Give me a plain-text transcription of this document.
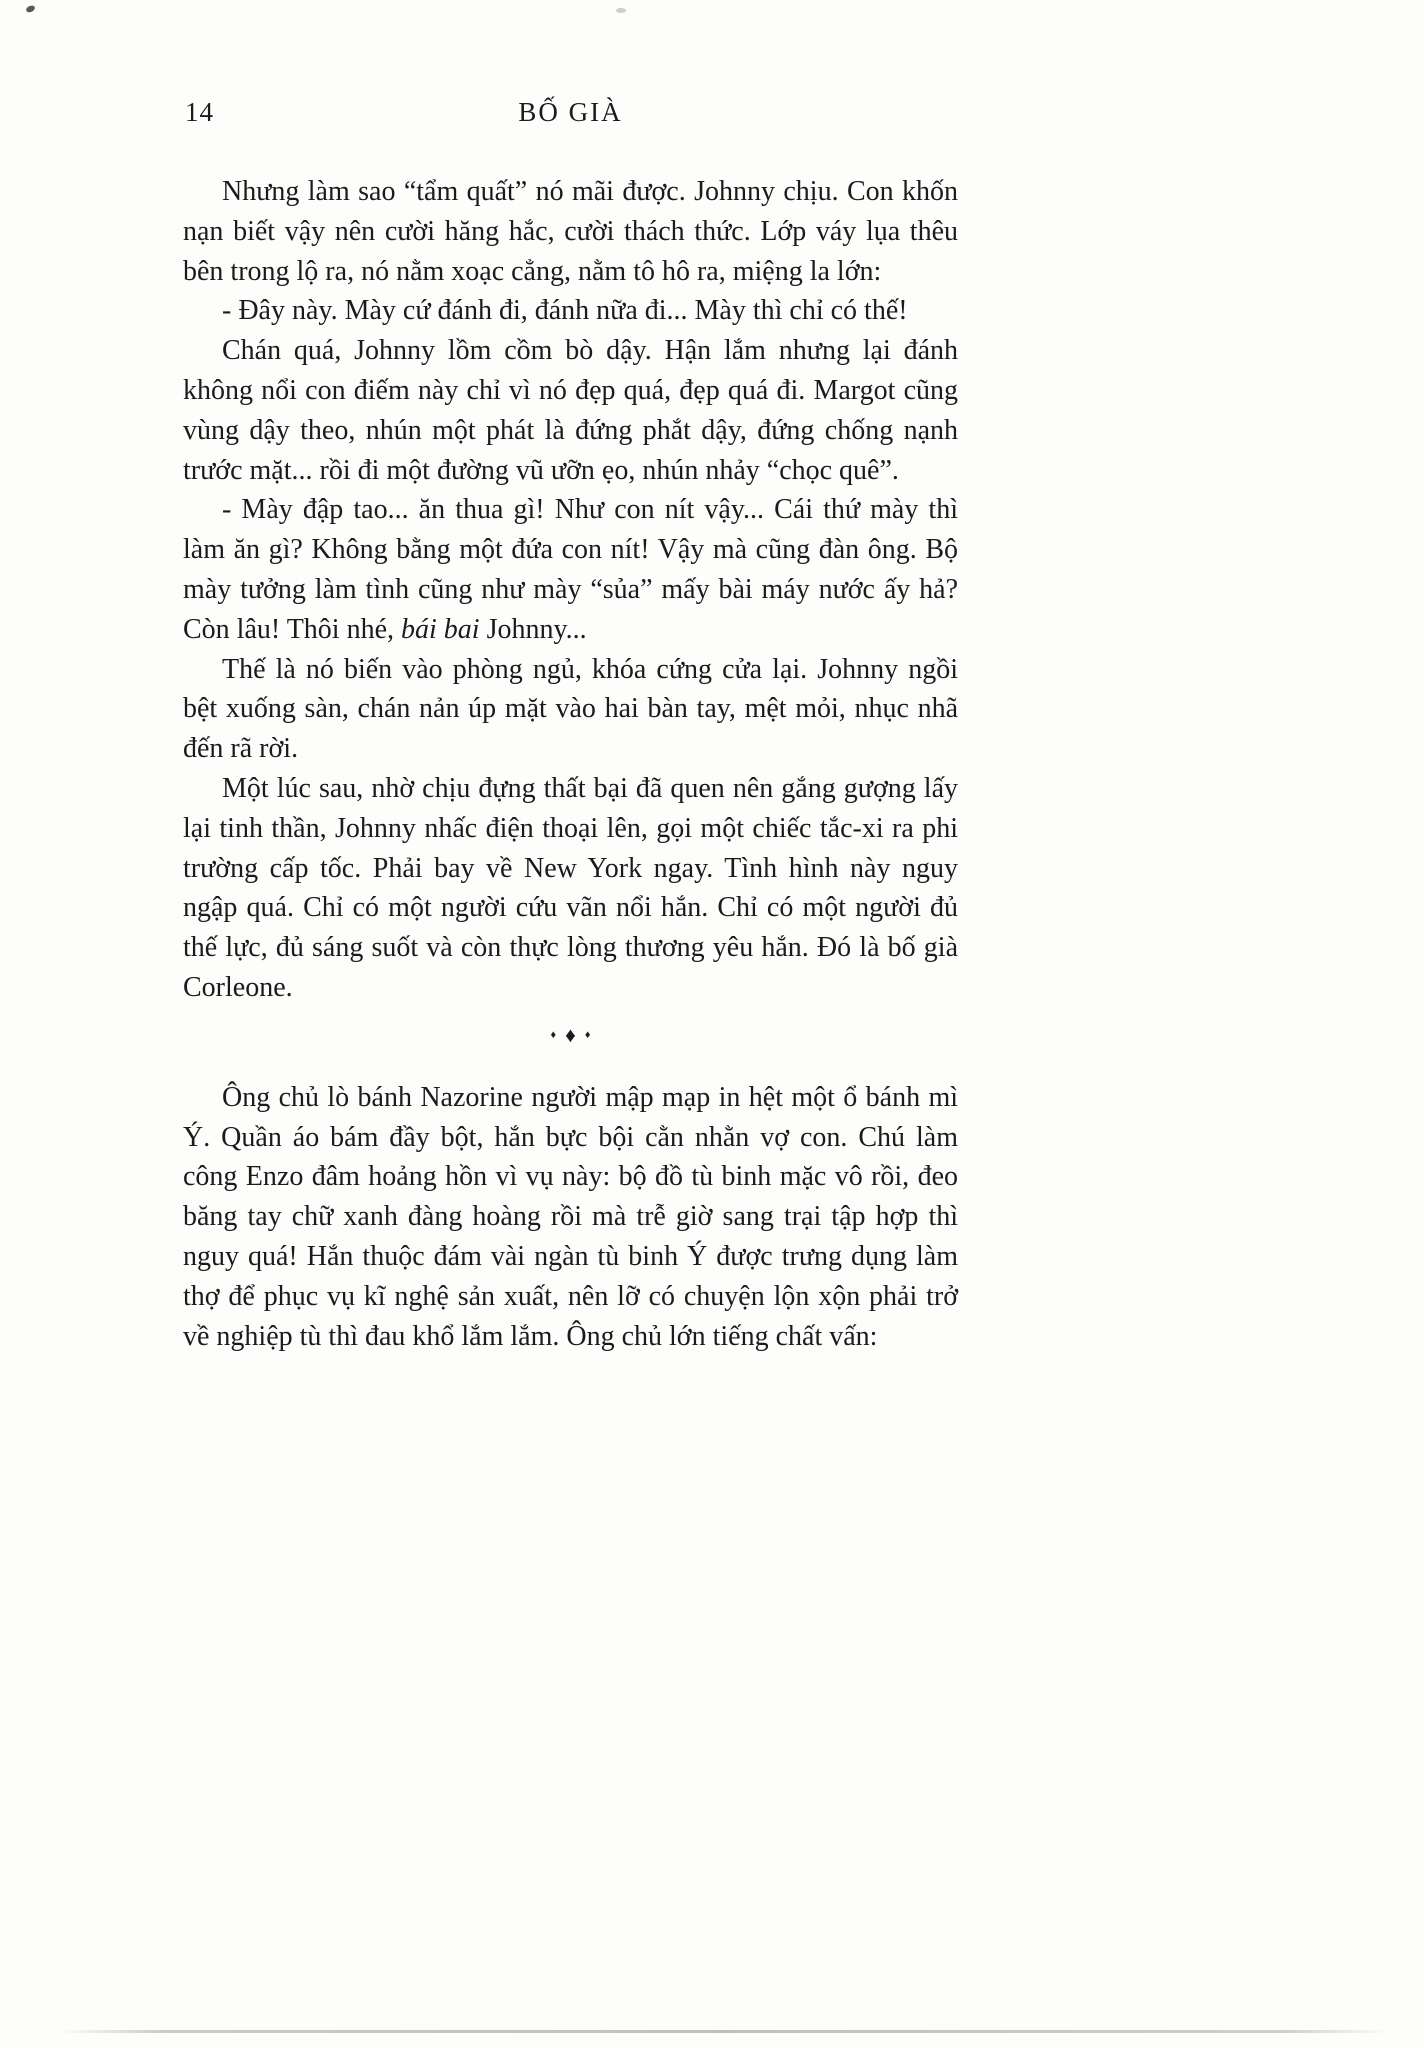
14	BỐ GIÀ

Nhưng làm sao “tẩm quất” nó mãi được. Johnny chịu. Con khốn nạn biết vậy nên cười hăng hắc, cười thách thức. Lớp váy lụa thêu bên trong lộ ra, nó nằm xoạc cẳng, nằm tô hô ra, miệng la lớn:

- Đây này. Mày cứ đánh đi, đánh nữa đi... Mày thì chỉ có thế!

Chán quá, Johnny lồm cồm bò dậy. Hận lắm nhưng lại đánh không nổi con điếm này chỉ vì nó đẹp quá, đẹp quá đi. Margot cũng vùng dậy theo, nhún một phát là đứng phắt dậy, đứng chống nạnh trước mặt... rồi đi một đường vũ ưỡn ẹo, nhún nhảy “chọc quê”.

- Mày đập tao... ăn thua gì! Như con nít vậy... Cái thứ mày thì làm ăn gì? Không bằng một đứa con nít! Vậy mà cũng đàn ông. Bộ mày tưởng làm tình cũng như mày “sủa” mấy bài máy nước ấy hả? Còn lâu! Thôi nhé, bái bai Johnny...

Thế là nó biến vào phòng ngủ, khóa cứng cửa lại. Johnny ngồi bệt xuống sàn, chán nản úp mặt vào hai bàn tay, mệt mỏi, nhục nhã đến rã rời.

Một lúc sau, nhờ chịu đựng thất bại đã quen nên gắng gượng lấy lại tinh thần, Johnny nhấc điện thoại lên, gọi một chiếc tắc-xi ra phi trường cấp tốc. Phải bay về New York ngay. Tình hình này nguy ngập quá. Chỉ có một người cứu vãn nổi hắn. Chỉ có một người đủ thế lực, đủ sáng suốt và còn thực lòng thương yêu hắn. Đó là bố già Corleone.

♦ ♦ ♦

Ông chủ lò bánh Nazorine người mập mạp in hệt một ổ bánh mì Ý. Quần áo bám đầy bột, hắn bực bội cằn nhằn vợ con. Chú làm công Enzo đâm hoảng hồn vì vụ này: bộ đồ tù binh mặc vô rồi, đeo băng tay chữ xanh đàng hoàng rồi mà trễ giờ sang trại tập hợp thì nguy quá! Hắn thuộc đám vài ngàn tù binh Ý được trưng dụng làm thợ để phục vụ kĩ nghệ sản xuất, nên lỡ có chuyện lộn xộn phải trở về nghiệp tù thì đau khổ lắm lắm. Ông chủ lớn tiếng chất vấn:
